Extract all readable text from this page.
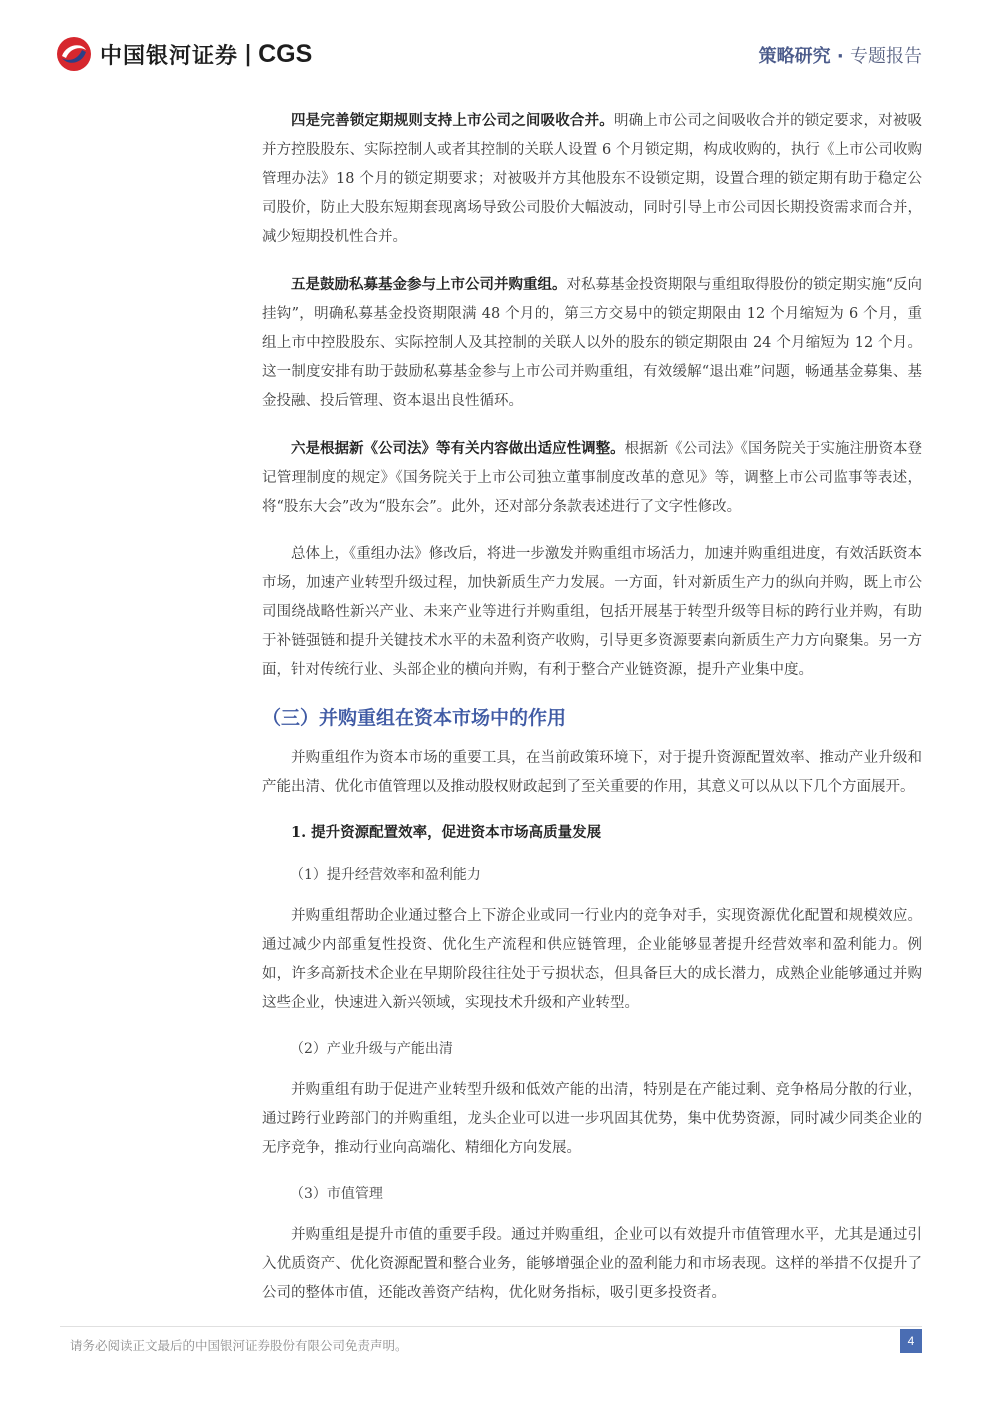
中国银河证券 | CGS	策略研究 · 专题报告

四是完善锁定期规则支持上市公司之间吸收合并。明确上市公司之间吸收合并的锁定要求，对被吸并方控股股东、实际控制人或者其控制的关联人设置 6 个月锁定期，构成收购的，执行《上市公司收购管理办法》18 个月的锁定期要求；对被吸并方其他股东不设锁定期，设置合理的锁定期有助于稳定公司股价，防止大股东短期套现离场导致公司股价大幅波动，同时引导上市公司因长期投资需求而合并，减少短期投机性合并。

五是鼓励私募基金参与上市公司并购重组。对私募基金投资期限与重组取得股份的锁定期实施“反向挂钩”，明确私募基金投资期限满 48 个月的，第三方交易中的锁定期限由 12 个月缩短为 6 个月，重组上市中控股股东、实际控制人及其控制的关联人以外的股东的锁定期限由 24 个月缩短为 12 个月。这一制度安排有助于鼓励私募基金参与上市公司并购重组，有效缓解“退出难”问题，畅通基金募集、基金投融、投后管理、资本退出良性循环。

六是根据新《公司法》等有关内容做出适应性调整。根据新《公司法》《国务院关于实施注册资本登记管理制度的规定》《国务院关于上市公司独立董事制度改革的意见》等，调整上市公司监事等表述，将“股东大会”改为“股东会”。此外，还对部分条款表述进行了文字性修改。

总体上，《重组办法》修改后，将进一步激发并购重组市场活力，加速并购重组进度，有效活跃资本市场，加速产业转型升级过程，加快新质生产力发展。一方面，针对新质生产力的纵向并购，既上市公司围绕战略性新兴产业、未来产业等进行并购重组，包括开展基于转型升级等目标的跨行业并购，有助于补链强链和提升关键技术水平的未盈利资产收购，引导更多资源要素向新质生产力方向聚集。另一方面，针对传统行业、头部企业的横向并购，有利于整合产业链资源，提升产业集中度。

（三）并购重组在资本市场中的作用

并购重组作为资本市场的重要工具，在当前政策环境下，对于提升资源配置效率、推动产业升级和产能出清、优化市值管理以及推动股权财政起到了至关重要的作用，其意义可以从以下几个方面展开。

1. 提升资源配置效率，促进资本市场高质量发展
（1）提升经营效率和盈利能力

并购重组帮助企业通过整合上下游企业或同一行业内的竞争对手，实现资源优化配置和规模效应。通过减少内部重复性投资、优化生产流程和供应链管理，企业能够显著提升经营效率和盈利能力。例如，许多高新技术企业在早期阶段往往处于亏损状态，但具备巨大的成长潜力，成熟企业能够通过并购这些企业，快速进入新兴领域，实现技术升级和产业转型。

（2）产业升级与产能出清

并购重组有助于促进产业转型升级和低效产能的出清，特别是在产能过剩、竞争格局分散的行业，通过跨行业跨部门的并购重组，龙头企业可以进一步巩固其优势，集中优势资源，同时减少同类企业的无序竞争，推动行业向高端化、精细化方向发展。

（3）市值管理

并购重组是提升市值的重要手段。通过并购重组，企业可以有效提升市值管理水平，尤其是通过引入优质资产、优化资源配置和整合业务，能够增强企业的盈利能力和市场表现。这样的举措不仅提升了公司的整体市值，还能改善资产结构，优化财务指标，吸引更多投资者。

请务必阅读正文最后的中国银河证券股份有限公司免责声明。	4
